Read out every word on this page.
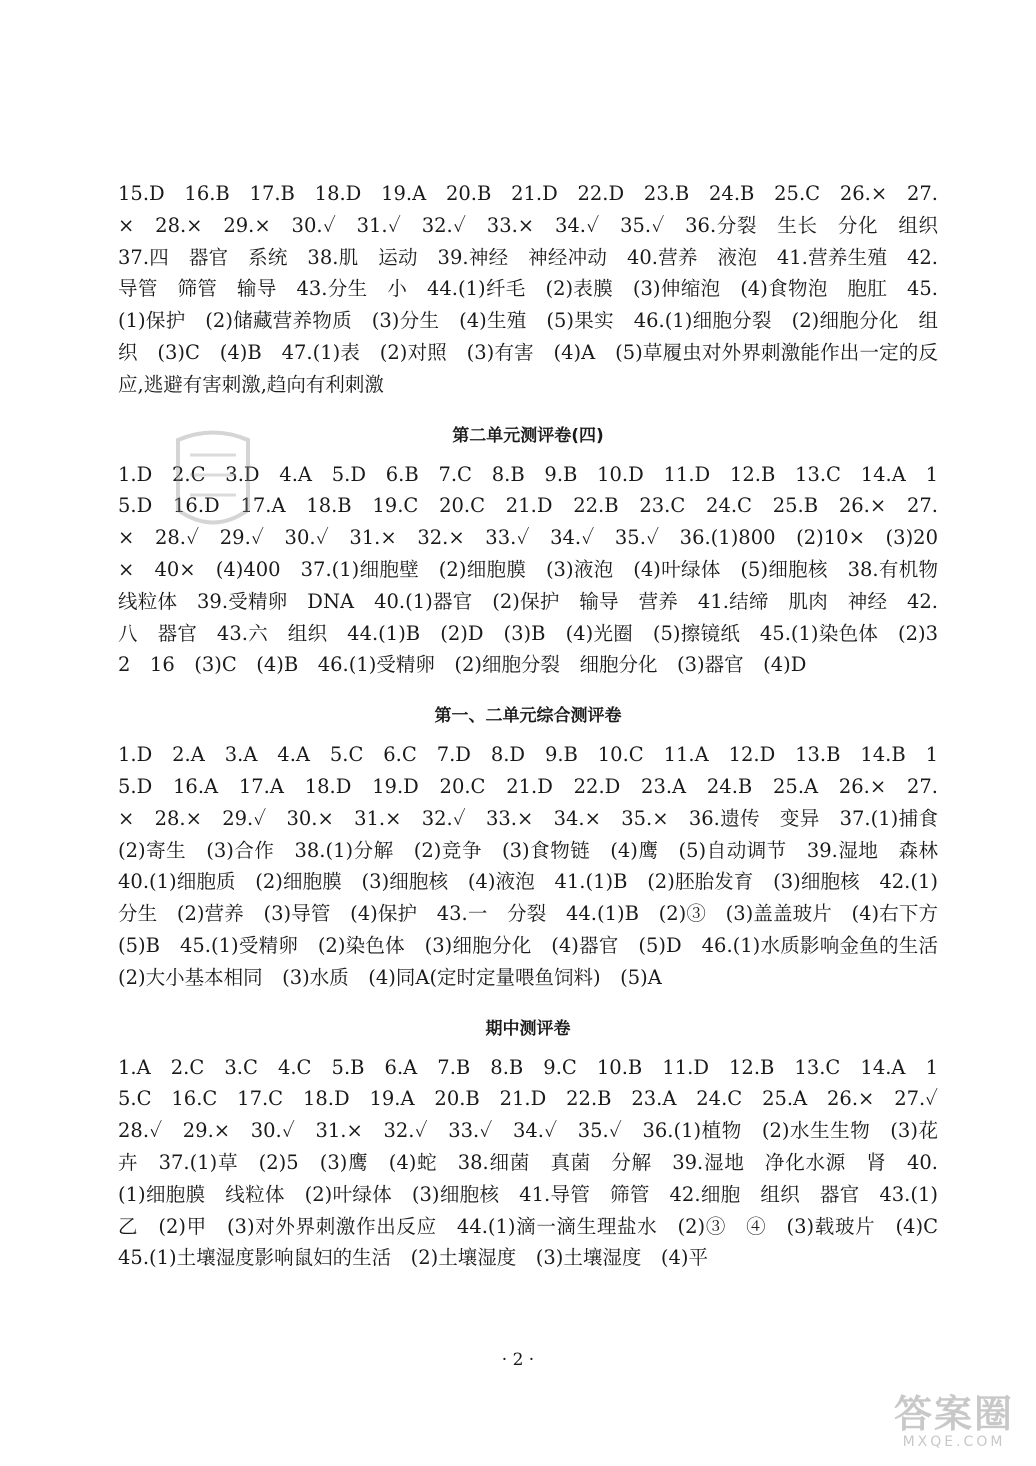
15.D　16.B　17.B　18.D　19.A　20.B　21.D　22.D　23.B　24.B　25.C　26.×　27.×　28.×　29.×　30.✓　31.✓　32.✓　33.×　34.✓　35.✓　36.分裂　生长　分化　组织　37.四　器官　系统　38.肌　运动　39.神经　神经冲动　40.营养　液泡　41.营养生殖　42.导管　筛管　输导　43.分生　小　44.(1)纤毛　(2)表膜　(3)伸缩泡　(4)食物泡　胞肛　45.(1)保护　(2)储藏营养物质　(3)分生　(4)生殖　(5)果实　46.(1)细胞分裂　(2)细胞分化　组织　(3)C　(4)B　47.(1)表　(2)对照　(3)有害　(4)A　(5)草履虫对外界刺激能作出一定的反应,逃避有害刺激,趋向有利刺激

第二单元测评卷(四)

1.D　2.C　3.D　4.A　5.D　6.B　7.C　8.B　9.B　10.D　11.D　12.B　13.C　14.A　15.D　16.D　17.A　18.B　19.C　20.C　21.D　22.B　23.C　24.C　25.B　26.×　27.×　28.✓　29.✓　30.✓　31.×　32.×　33.✓　34.✓　35.✓　36.(1)800　(2)10×　(3)20×　40×　(4)400　37.(1)细胞壁　(2)细胞膜　(3)液泡　(4)叶绿体　(5)细胞核　38.有机物　线粒体　39.受精卵　DNA　40.(1)器官　(2)保护　输导　营养　41.结缔　肌肉　神经　42.八　器官　43.六　组织　44.(1)B　(2)D　(3)B　(4)光圈　(5)擦镜纸　45.(1)染色体　(2)32　16　(3)C　(4)B　46.(1)受精卵　(2)细胞分裂　细胞分化　(3)器官　(4)D

第一、二单元综合测评卷

1.D　2.A　3.A　4.A　5.C　6.C　7.D　8.D　9.B　10.C　11.A　12.D　13.B　14.B　15.D　16.A　17.A　18.D　19.D　20.C　21.D　22.D　23.A　24.B　25.A　26.×　27.×　28.×　29.✓　30.×　31.×　32.✓　33.×　34.×　35.×　36.遗传　变异　37.(1)捕食　(2)寄生　(3)合作　38.(1)分解　(2)竞争　(3)食物链　(4)鹰　(5)自动调节　39.湿地　森林　40.(1)细胞质　(2)细胞膜　(3)细胞核　(4)液泡　41.(1)B　(2)胚胎发育　(3)细胞核　42.(1)分生　(2)营养　(3)导管　(4)保护　43.一　分裂　44.(1)B　(2)③　(3)盖盖玻片　(4)右下方　(5)B　45.(1)受精卵　(2)染色体　(3)细胞分化　(4)器官　(5)D　46.(1)水质影响金鱼的生活　(2)大小基本相同　(3)水质　(4)同A(定时定量喂鱼饲料)　(5)A

期中测评卷

1.A　2.C　3.C　4.C　5.B　6.A　7.B　8.B　9.C　10.B　11.D　12.B　13.C　14.A　15.C　16.C　17.C　18.D　19.A　20.B　21.D　22.B　23.A　24.C　25.A　26.×　27.✓　28.✓　29.×　30.✓　31.×　32.✓　33.✓　34.✓　35.✓　36.(1)植物　(2)水生生物　(3)花卉　37.(1)草　(2)5　(3)鹰　(4)蛇　38.细菌　真菌　分解　39.湿地　净化水源　肾　40.(1)细胞膜　线粒体　(2)叶绿体　(3)细胞核　41.导管　筛管　42.细胞　组织　器官　43.(1)乙　(2)甲　(3)对外界刺激作出反应　44.(1)滴一滴生理盐水　(2)③　④　(3)载玻片　(4)C　45.(1)土壤湿度影响鼠妇的生活　(2)土壤湿度　(3)土壤湿度　(4)平

· 2 ·
答案圈
MXQE.COM
